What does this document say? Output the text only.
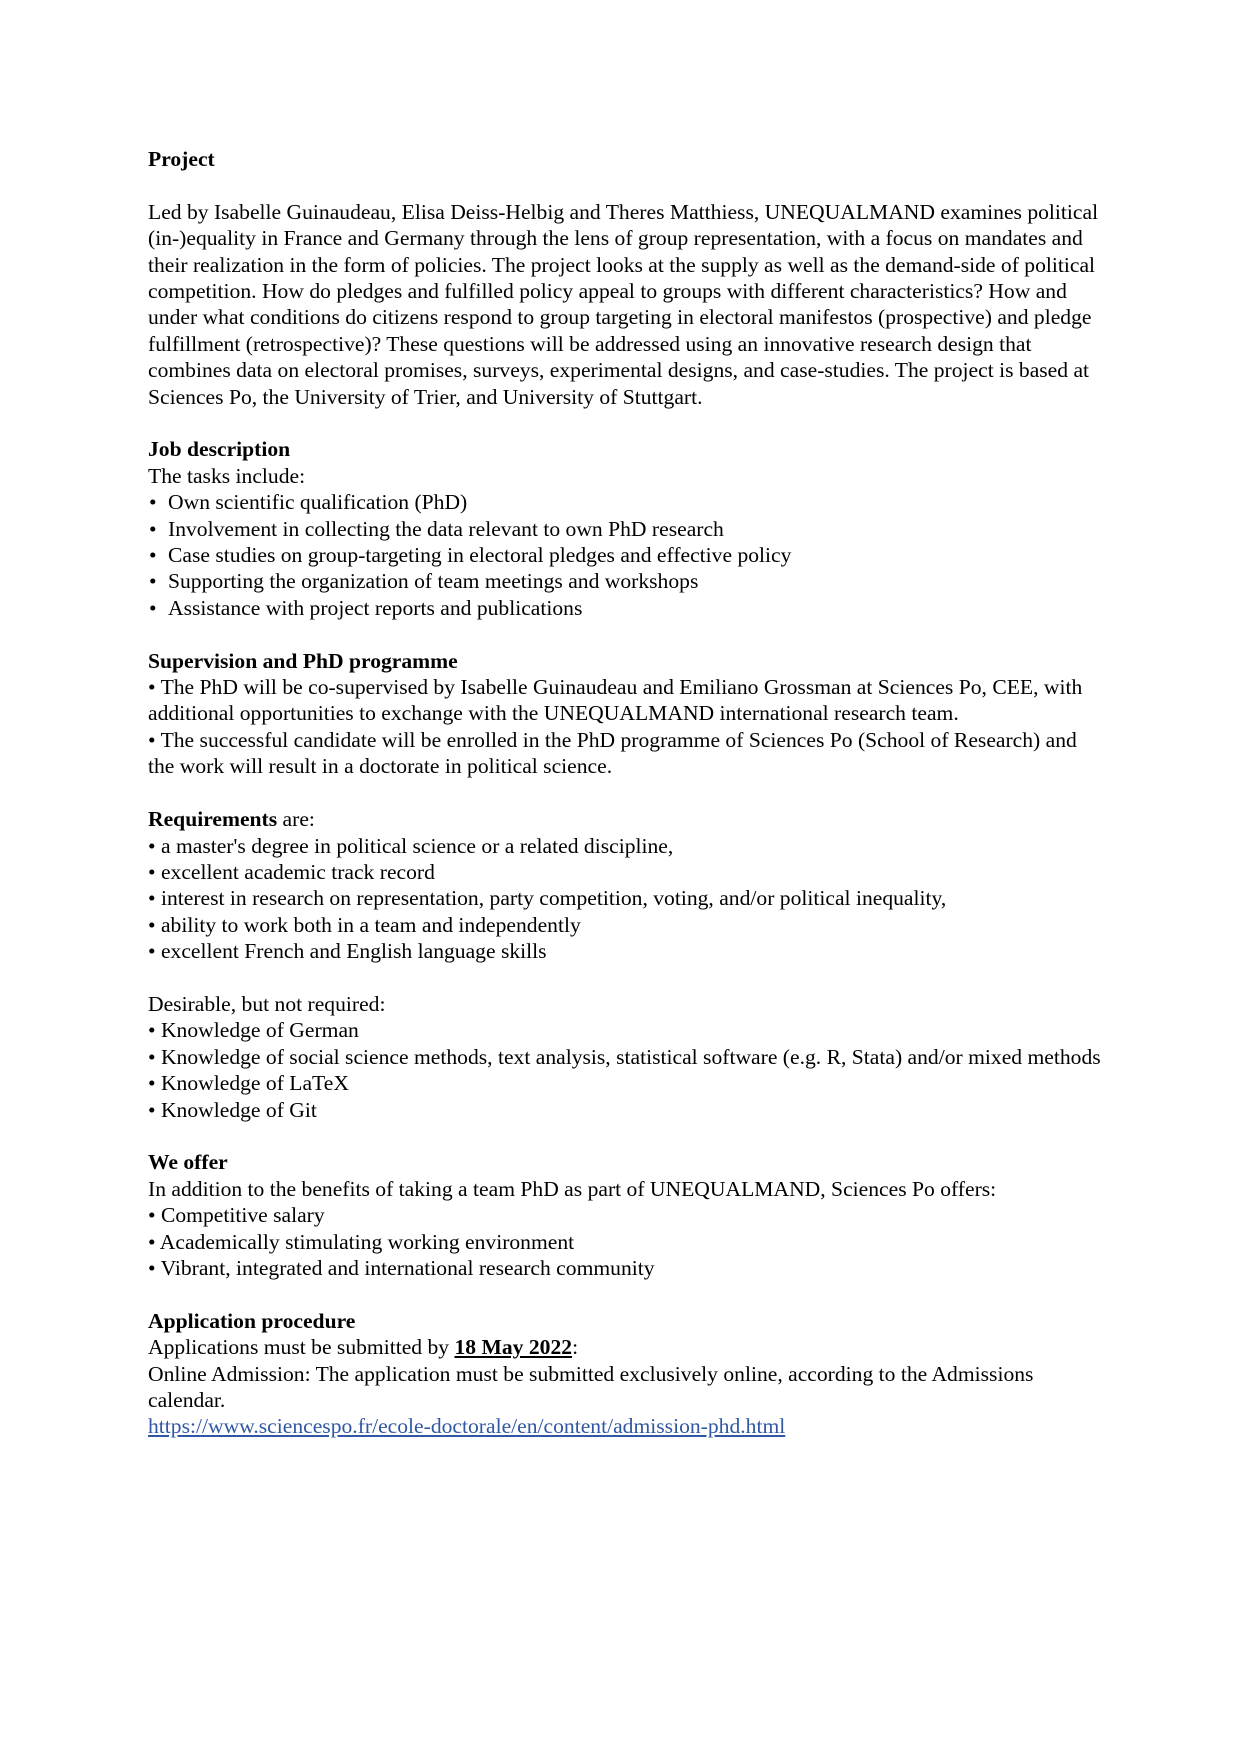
Project

Led by Isabelle Guinaudeau, Elisa Deiss-Helbig and Theres Matthiess, UNEQUALMAND examines political (in-)equality in France and Germany through the lens of group representation, with a focus on mandates and their realization in the form of policies. The project looks at the supply as well as the demand-side of political competition. How do pledges and fulfilled policy appeal to groups with different characteristics? How and under what conditions do citizens respond to group targeting in electoral manifestos (prospective) and pledge fulfillment (retrospective)? These questions will be addressed using an innovative research design that combines data on electoral promises, surveys, experimental designs, and case-studies. The project is based at Sciences Po, the University of Trier, and University of Stuttgart.

Job description
The tasks include:
• Own scientific qualification (PhD)
• Involvement in collecting the data relevant to own PhD research
• Case studies on group-targeting in electoral pledges and effective policy
• Supporting the organization of team meetings and workshops
• Assistance with project reports and publications
Supervision and PhD programme
• The PhD will be co-supervised by Isabelle Guinaudeau and Emiliano Grossman at Sciences Po, CEE, with additional opportunities to exchange with the UNEQUALMAND international research team.
• The successful candidate will be enrolled in the PhD programme of Sciences Po (School of Research) and the work will result in a doctorate in political science.
Requirements are:
• a master's degree in political science or a related discipline,
• excellent academic track record
• interest in research on representation, party competition, voting, and/or political inequality,
• ability to work both in a team and independently
• excellent French and English language skills
Desirable, but not required:
• Knowledge of German
• Knowledge of social science methods, text analysis, statistical software (e.g. R, Stata) and/or mixed methods
• Knowledge of LaTeX
• Knowledge of Git
We offer
In addition to the benefits of taking a team PhD as part of UNEQUALMAND, Sciences Po offers:
• Competitive salary
• Academically stimulating working environment
• Vibrant, integrated and international research community
Application procedure
Applications must be submitted by 18 May 2022:
Online Admission: The application must be submitted exclusively online, according to the Admissions calendar.
https://www.sciencespo.fr/ecole-doctorale/en/content/admission-phd.html
